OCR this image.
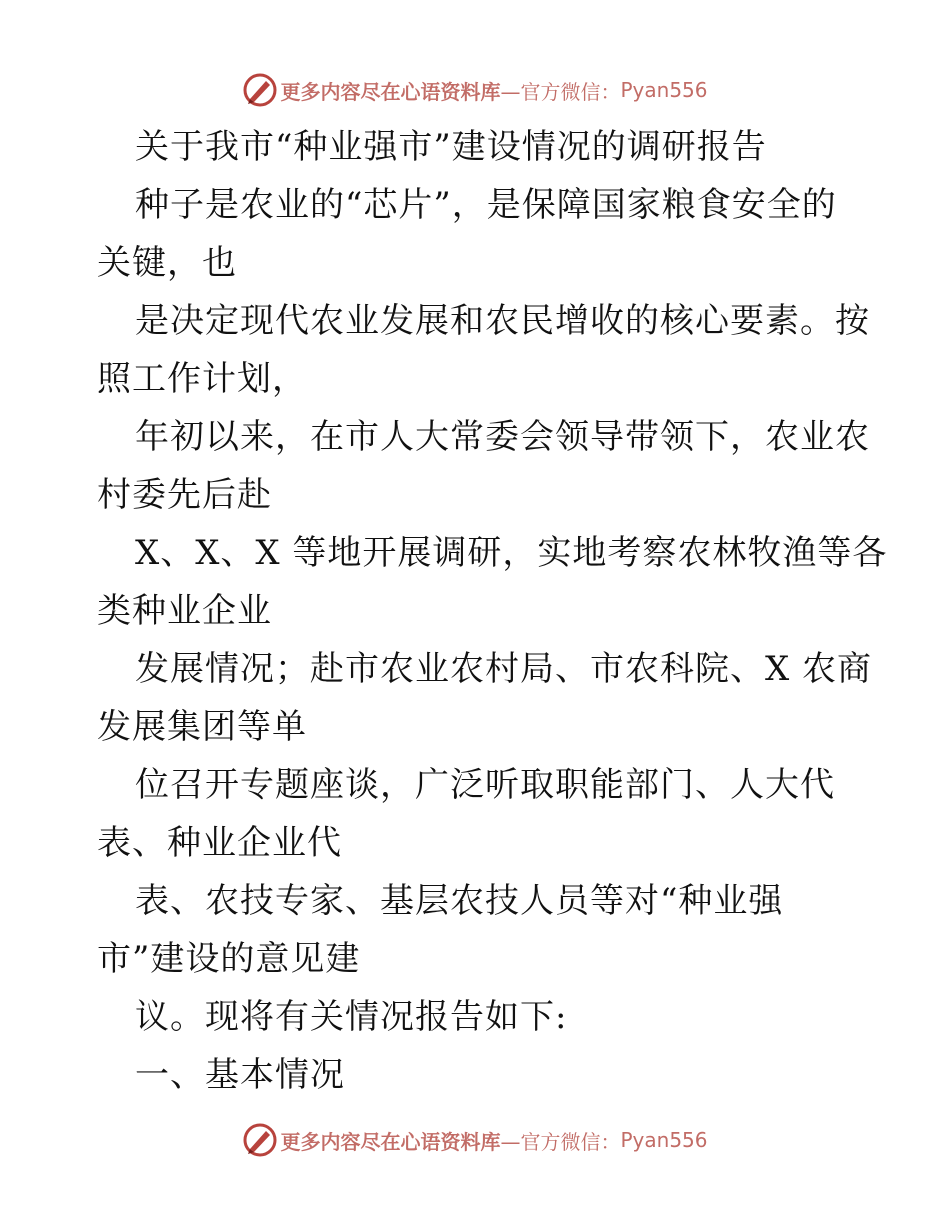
更多内容尽在心语资料库 —官方微信： Pyan556

关于我市“种业强市”建设情况的调研报告

种子是农业的“芯片”，是保障国家粮食安全的

关键，也

是决定现代农业发展和农民增收的核心要素。按

照工作计划，

年初以来，在市人大常委会领导带领下，农业农

村委先后赴

X、X、X 等地开展调研，实地考察农林牧渔等各

类种业企业

发展情况；赴市农业农村局、市农科院、X 农商

发展集团等单

位召开专题座谈，广泛听取职能部门、人大代

表、种业企业代

表、农技专家、基层农技人员等对“种业强

市”建设的意见建

议。现将有关情况报告如下:

一、基本情况

更多内容尽在心语资料库 —官方微信： Pyan556
